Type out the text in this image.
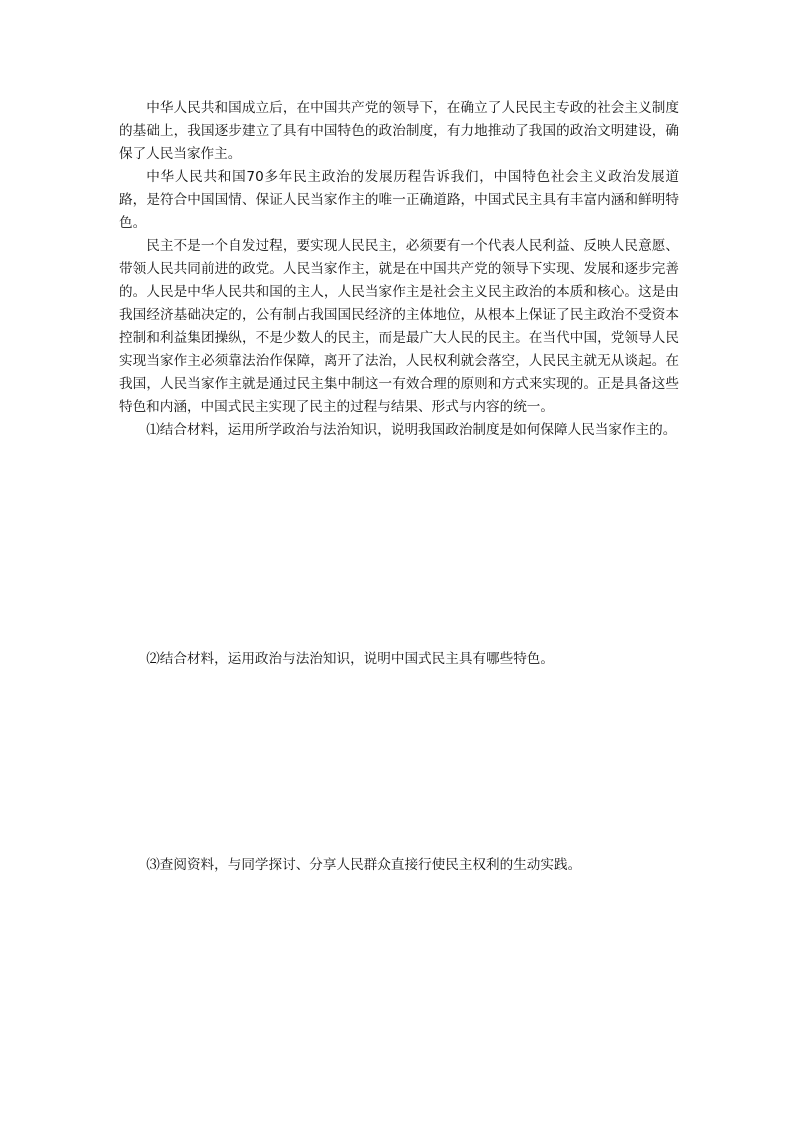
中华人民共和国成立后，在中国共产党的领导下，在确立了人民民主专政的社会主义制度的基础上，我国逐步建立了具有中国特色的政治制度，有力地推动了我国的政治文明建设，确保了人民当家作主。

中华人民共和国70多年民主政治的发展历程告诉我们，中国特色社会主义政治发展道路，是符合中国国情、保证人民当家作主的唯一正确道路，中国式民主具有丰富内涵和鲜明特色。

民主不是一个自发过程，要实现人民民主，必须要有一个代表人民利益、反映人民意愿、带领人民共同前进的政党。人民当家作主，就是在中国共产党的领导下实现、发展和逐步完善的。人民是中华人民共和国的主人，人民当家作主是社会主义民主政治的本质和核心。这是由我国经济基础决定的，公有制占我国国民经济的主体地位，从根本上保证了民主政治不受资本控制和利益集团操纵，不是少数人的民主，而是最广大人民的民主。在当代中国，党领导人民实现当家作主必须靠法治作保障，离开了法治，人民权利就会落空，人民民主就无从谈起。在我国，人民当家作主就是通过民主集中制这一有效合理的原则和方式来实现的。正是具备这些特色和内涵，中国式民主实现了民主的过程与结果、形式与内容的统一。

⑴结合材料，运用所学政治与法治知识，说明我国政治制度是如何保障人民当家作主的。

⑵结合材料，运用政治与法治知识，说明中国式民主具有哪些特色。

⑶查阅资料，与同学探讨、分享人民群众直接行使民主权利的生动实践。
